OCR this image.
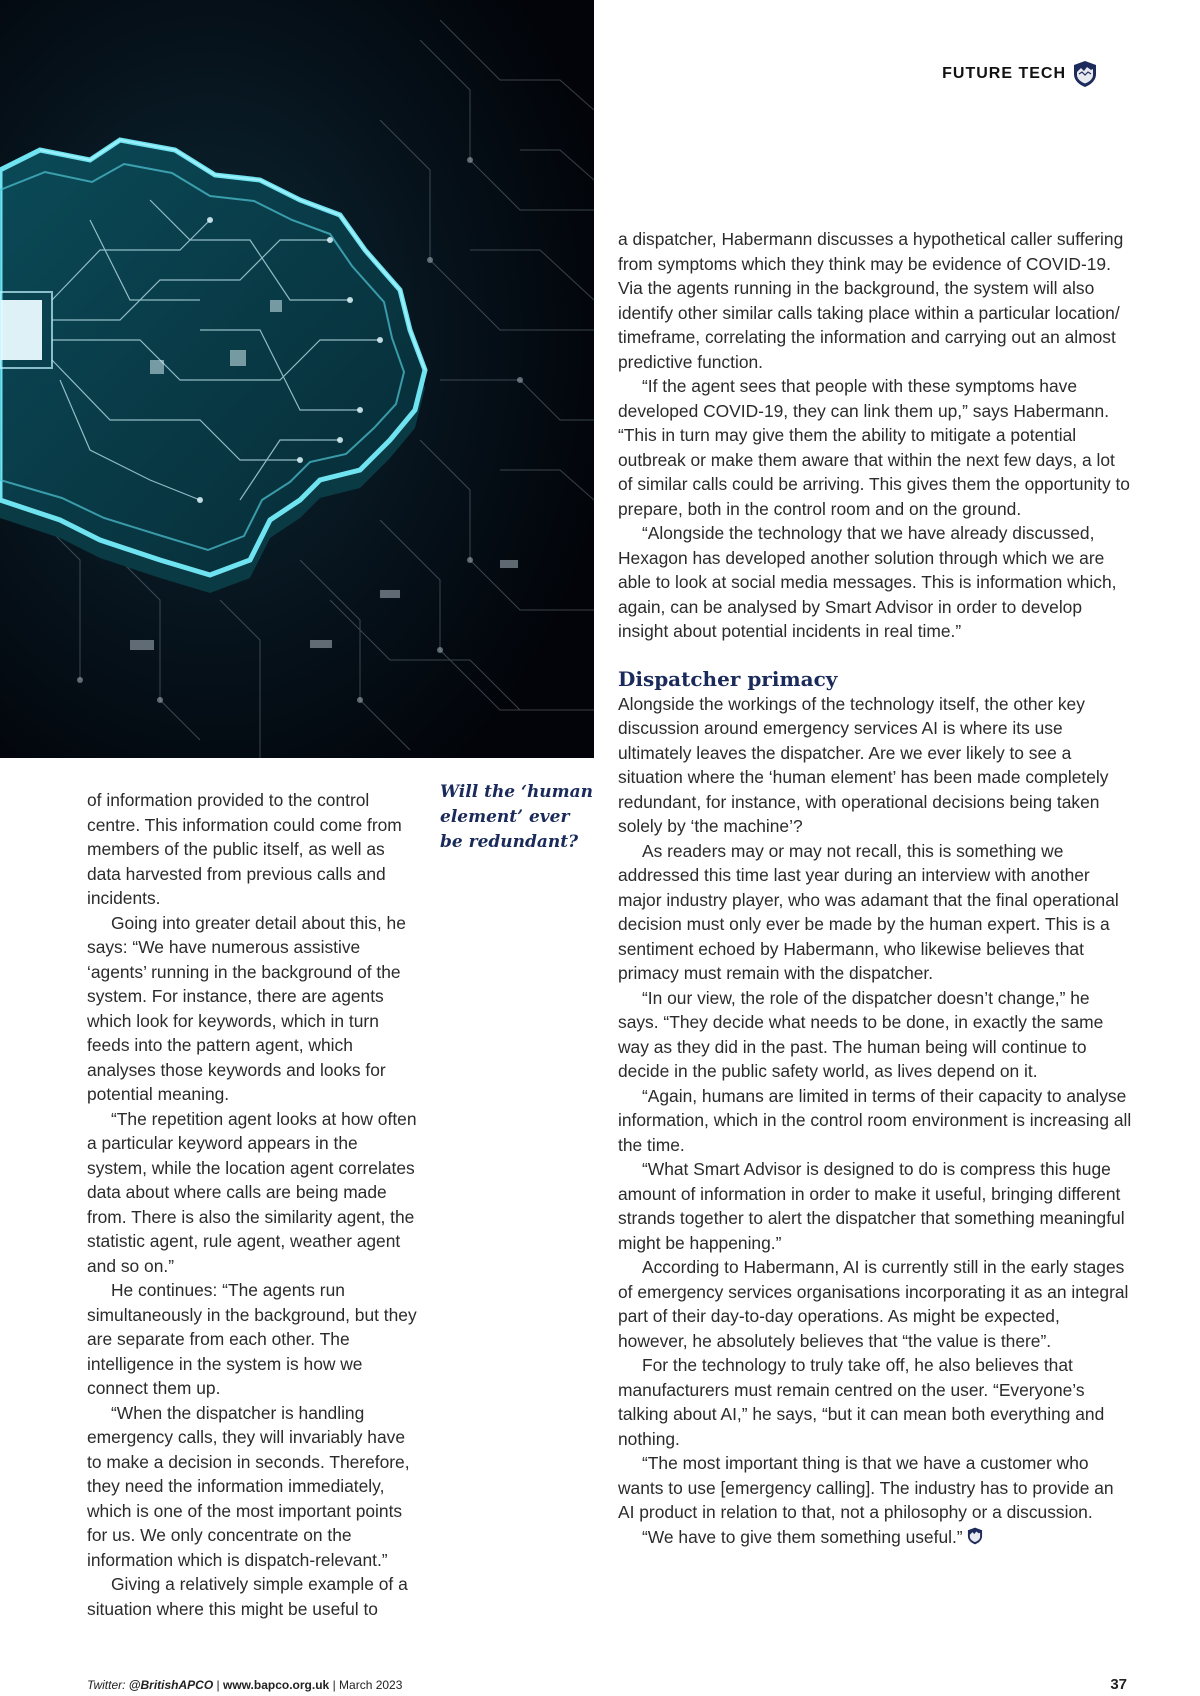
FUTURE TECH

a dispatcher, Habermann discusses a hypothetical caller suffering from symptoms which they think may be evidence of COVID-19. Via the agents running in the background, the system will also identify other similar calls taking place within a particular location/ timeframe, correlating the information and carrying out an almost predictive function.

“If the agent sees that people with these symptoms have developed COVID-19, they can link them up,” says Habermann. “This in turn may give them the ability to mitigate a potential outbreak or make them aware that within the next few days, a lot of similar calls could be arriving. This gives them the opportunity to prepare, both in the control room and on the ground.

“Alongside the technology that we have already discussed, Hexagon has developed another solution through which we are able to look at social media messages. This is information which, again, can be analysed by Smart Advisor in order to develop insight about potential incidents in real time.”

Dispatcher primacy

Alongside the workings of the technology itself, the other key discussion around emergency services AI is where its use ultimately leaves the dispatcher. Are we ever likely to see a situation where the ‘human element’ has been made completely redundant, for instance, with operational decisions being taken solely by ‘the machine’?

As readers may or may not recall, this is something we addressed this time last year during an interview with another major industry player, who was adamant that the final operational decision must only ever be made by the human expert. This is a sentiment echoed by Habermann, who likewise believes that primacy must remain with the dispatcher.

“In our view, the role of the dispatcher doesn’t change,” he says. “They decide what needs to be done, in exactly the same way as they did in the past. The human being will continue to decide in the public safety world, as lives depend on it.

“Again, humans are limited in terms of their capacity to analyse information, which in the control room environment is increasing all the time.

“What Smart Advisor is designed to do is compress this huge amount of information in order to make it useful, bringing different strands together to alert the dispatcher that something meaningful might be happening.”

According to Habermann, AI is currently still in the early stages of emergency services organisations incorporating it as an integral part of their day-to-day operations. As might be expected, however, he absolutely believes that “the value is there”.

For the technology to truly take off, he also believes that manufacturers must remain centred on the user. “Everyone’s talking about AI,” he says, “but it can mean both everything and nothing.

“The most important thing is that we have a customer who wants to use [emergency calling]. The industry has to provide an AI product in relation to that, not a philosophy or a discussion.

“We have to give them something useful.”

Will the ‘human element’ ever be redundant?

of information provided to the control centre. This information could come from members of the public itself, as well as data harvested from previous calls and incidents.

Going into greater detail about this, he says: “We have numerous assistive ‘agents’ running in the background of the system. For instance, there are agents which look for keywords, which in turn feeds into the pattern agent, which analyses those keywords and looks for potential meaning.

“The repetition agent looks at how often a particular keyword appears in the system, while the location agent correlates data about where calls are being made from. There is also the similarity agent, the statistic agent, rule agent, weather agent and so on.”

He continues: “The agents run simultaneously in the background, but they are separate from each other. The intelligence in the system is how we connect them up.

“When the dispatcher is handling emergency calls, they will invariably have to make a decision in seconds. Therefore, they need the information immediately, which is one of the most important points for us. We only concentrate on the information which is dispatch-relevant.”

Giving a relatively simple example of a situation where this might be useful to

Twitter: @BritishAPCO | www.bapco.org.uk | March 2023	37
